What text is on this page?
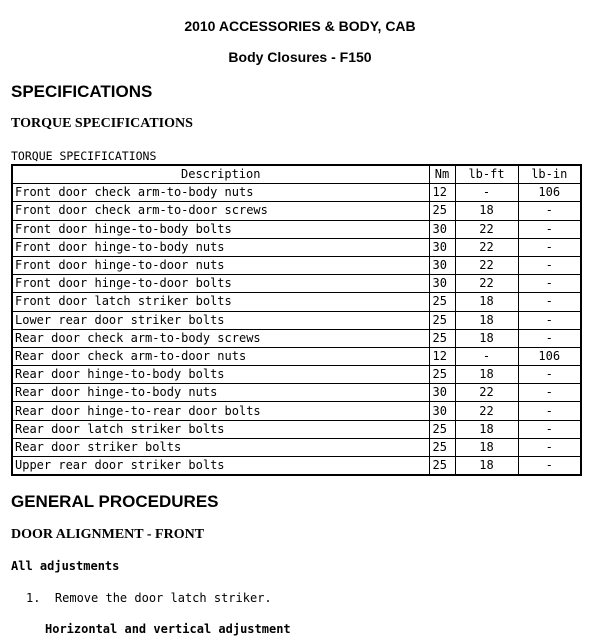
2010 ACCESSORIES & BODY, CAB
Body Closures - F150
SPECIFICATIONS
TORQUE SPECIFICATIONS
TORQUE SPECIFICATIONS
Description	Nm	lb-ft	lb-in
Front door check arm-to-body nuts	12	-	106
Front door check arm-to-door screws	25	18	-
Front door hinge-to-body bolts	30	22	-
Front door hinge-to-body nuts	30	22	-
Front door hinge-to-door nuts	30	22	-
Front door hinge-to-door bolts	30	22	-
Front door latch striker bolts	25	18	-
Lower rear door striker bolts	25	18	-
Rear door check arm-to-body screws	25	18	-
Rear door check arm-to-door nuts	12	-	106
Rear door hinge-to-body bolts	25	18	-
Rear door hinge-to-body nuts	30	22	-
Rear door hinge-to-rear door bolts	30	22	-
Rear door latch striker bolts	25	18	-
Rear door striker bolts	25	18	-
Upper rear door striker bolts	25	18	-
GENERAL PROCEDURES
DOOR ALIGNMENT - FRONT
All adjustments
1.  Remove the door latch striker.
Horizontal and vertical adjustment
